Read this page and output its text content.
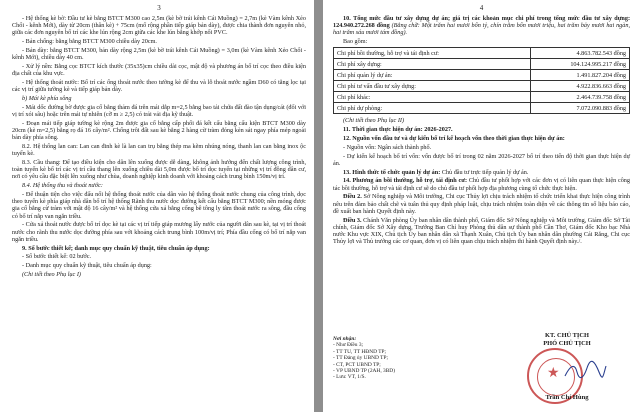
3

- Hệ thống kè bờ: Đầu tư kè bằng BTCT M300 cao 2,5m (kè bờ trái kênh Cái Muồng) = 2,7m (kè Vàm kênh Xẻo Chổi - kênh Mới), dày từ 20cm (thân kè) + 75cm (mố rộng phần tiếp giáp bản dày), được chia thành đơn nguyên nhỏ, giữa các đơn nguyên bố trí các khe lún rộng 2cm giữa các khe lún bằng khớp nối PVC.

- Bản chống: bằng bằng BTCT M300 chiều dày 20cm.

- Bản dày: bằng BTCT M300, bản dày rộng 2,5m (kè bờ trái kênh Cái Muồng) = 3,0m (kè Vàm kênh Xẻo Chổi - kênh Mới), chiều dày 40 cm.

- Xử lý nền: Bằng cọc BTCT kích thước (35x35)cm chiều dài cọc, mật độ và phương án bố trí cọc theo điều kiện địa chất của khu vực.

- Hệ thống thoát nước: Bố trí các ống thoát nước theo tường kè để thu và lỗ thoát nước ngầm D60 có tăng lọc tại các vị trí giữa tường kè và tiếp giáp bản dày.

b) Mái kè phía sông

- Mái dốc đường bờ được gia cố bằng thảm đá trên mái dắp m=2,5 bằng bao tải chứa đất đào tận dụng/cát (đổi với vị trí xói sâu) hoặc trên mái tự nhiên (cỡ m ≥ 2,5) có trải vải địa kỹ thuật.

- Đoạn mái tiếp giáp tường kè rộng 2m được gia cố bằng cấp phối đá kết cấu bằng cấu kiện BTCT M300 dày 20cm (kè m=2,5) bằng rọ đá 16 cây/m². Chống trôi đất sau kè bằng 2 hàng cừ tràm đóng kèn sát ngay phía mép ngoài bản dày phía sông.

8.2. Hệ thống lan can: Lan can đinh kè là lan can trụ bằng thép ma kẽm nhúng nóng, thanh lan can bằng inox ộc tuyến kè.

8.3. Cầu thang: Để tạo điều kiện cho dân lên xuống được dễ dàng, không ảnh hưởng đến chất lượng công trình, toàn tuyến kè bố trí các vị trí cầu thang lên xuống chiều dài 5,0m được bố trí dọc tuyến tại những vị trí đông dân cư, nơi có yêu cầu đặc biệt lên xuống như chùa, doanh nghiệp kinh doanh với khoảng cách trung bình 150m/vị trí.

8.4. Hệ thống thu và thoát nước:

- Để thuận tiện cho việc đấu nối hệ thống thoát nước của dân vào hệ thống thoát nước chung của công trình, dọc theo tuyến kè phía giáp nhà dân bố trí hệ thống Rãnh thu nước dọc đường kết cấu bằng BTCT M300; nền móng được gia cố bằng cừ tràm với mật độ 16 cây/m² và hệ thống cửa xả bằng cống bê tông ly tâm thoát nước ra sông, đầu cống có bố trí nắp van ngăn triều.

- Cửa xả thoát nước được bố trí dọc kè tại các vị trí tiếp giáp mương lấy nước của người dân sau kè, tại vị trí thoát nước cho rãnh thu nước dọc đường phía sau với khoảng cách trung bình 100m/vị trí; Phía đầu cống có bố trí nắp van ngăn triều.

9. Số bước thiết kế; danh mục quy chuẩn kỹ thuật, tiêu chuẩn áp dụng:

- Số bước thiết kế: 02 bước.

- Danh mục quy chuẩn kỹ thuật, tiêu chuẩn áp dụng:

(Chi tiết theo Phụ lục I)

4

10. Tổng mức đầu tư xây dựng dự án; giá trị các khoản mục chi phí trong tổng mức đầu tư xây dựng: 124.940.272.268 đồng (Bằng chữ: Một trăm hai mươi bốn tỷ, chín trăm bốn mươi triệu, hai trăm bảy mươi hai ngàn, hai trăm sáu mươi tám đồng).

Bao gồm:

Chi phí bồi thường, hỗ trợ và tái định cư:	4.863.782.543 đồng
Chi phí xây dựng:	104.124.995.217 đồng
Chi phí quản lý dự án:	1.491.827.204 đồng
Chi phí tư vấn đầu tư xây dựng:	4.922.836.663 đồng
Chi phí khác:	2.464.739.758 đồng
Chi phí dự phòng:	7.072.090.883 đồng

(Chi tiết theo Phụ lục II)

11. Thời gian thực hiện dự án: 2026-2027.

12. Nguồn vốn đầu tư và dự kiến bố trí kế hoạch vốn theo thời gian thực hiện dự án:

- Nguồn vốn: Ngân sách thành phố.

- Dự kiến kế hoạch bố trí vốn: vốn được bố trí trong 02 năm 2026-2027 bố trí theo tiến độ thời gian thực hiện dự án.

13. Hình thức tổ chức quản lý dự án: Chủ đầu tư trực tiếp quản lý dự án.

14. Phương án bồi thường, hỗ trợ, tái định cư: Chủ đầu tư phối hợp với các đơn vị có liên quan thực hiện công tác bồi thường, hỗ trợ và tái định cư sẽ do chủ đầu tư phối hợp địa phương cùng tổ chức thực hiện.

Điều 2. Sở Nông nghiệp và Môi trường, Chi cục Thủy lợi chịu trách nhiệm tổ chức triển khai thực hiện công trình nêu trên đảm bảo chất chẽ và tuân thủ quy định pháp luật, chịu trách nhiệm toàn diện về các thông tin số liệu báo cáo, đề xuất ban hành Quyết định này.

Điều 3. Chánh Văn phòng Ủy ban nhân dân thành phố, Giám đốc Sở Nông nghiệp và Môi trường, Giám đốc Sở Tài chính, Giám đốc Sở Xây dựng, Trưởng Ban Chỉ huy Phòng thủ dân sự thành phố Cần Thơ, Giám đốc Kho bạc Nhà nước Khu vực XIX, Chủ tịch Ủy ban nhân dân xã Thạnh Xuân, Chủ tịch Ủy ban nhân dân phường Cái Răng, Chi cục Thủy lợi và Thủ trưởng các cơ quan, đơn vị có liên quan chịu trách nhiệm thi hành Quyết định này./.

Nơi nhận:

- Như Điều 3;

- TT TU, TT HĐND TP;

- TT Đảng ủy UBND TP;

- CT, PCT UBND TP;

- VP UBND TP (2AH, 3BD)

- Lưu: VT, 1/S.

KT. CHỦ TỊCH
PHÓ CHỦ TỊCH
★
Trần Chí Hùng
